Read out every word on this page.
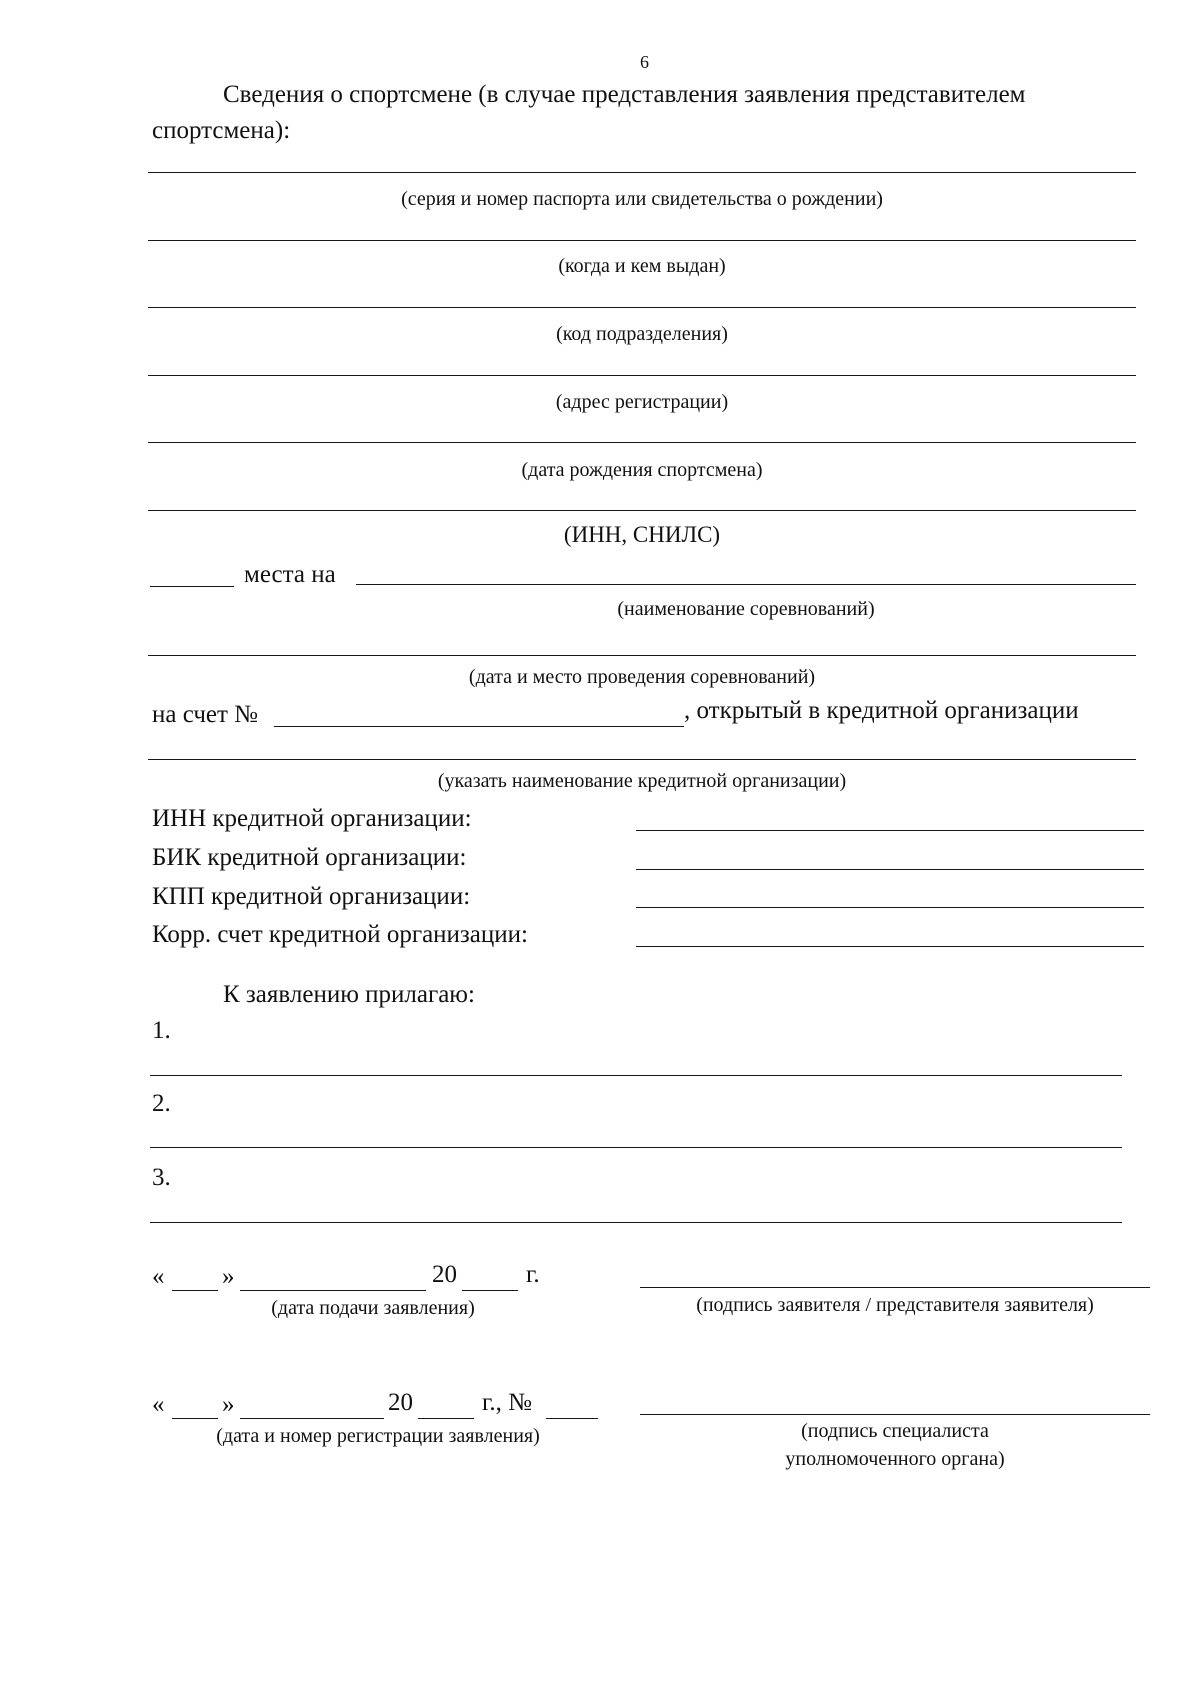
6
Сведения о спортсмене (в случае представления заявления представителем
спортсмена):
(серия и номер паспорта или свидетельства о рождении)
(когда и кем выдан)
(код подразделения)
(адрес регистрации)
(дата рождения спортсмена)
(ИНН, СНИЛС)
места на
(наименование соревнований)
(дата и место проведения соревнований)
на счет №	, открытый в кредитной организации
(указать наименование кредитной организации)
ИНН кредитной организации:
БИК кредитной организации:
КПП кредитной организации:
Корр. счет кредитной организации:
К заявлению прилагаю:
1.
2.
3.
« »	20	г.
(дата подачи заявления)	(подпись заявителя / представителя заявителя)
« »	20	г., №
(дата и номер регистрации заявления)	(подпись специалиста
уполномоченного органа)
